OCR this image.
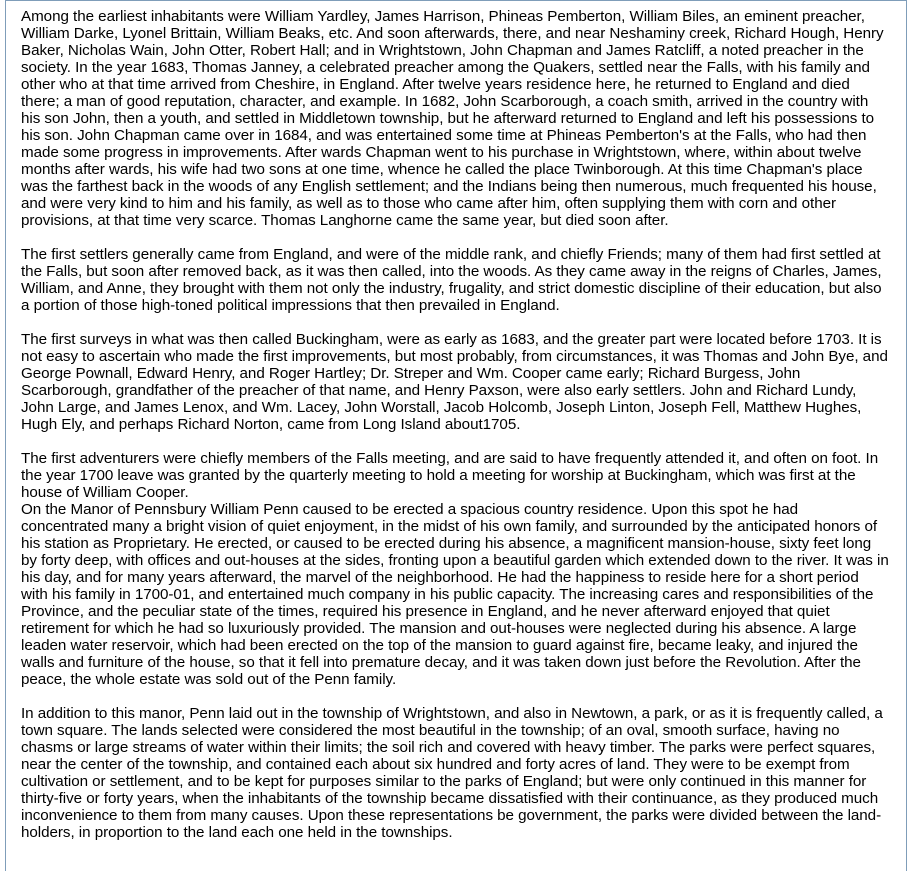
Among the earliest inhabitants were William Yardley, James Harrison, Phineas Pemberton, William Biles, an eminent preacher, William Darke, Lyonel Brittain, William Beaks, etc. And soon afterwards, there, and near Neshaminy creek, Richard Hough, Henry Baker, Nicholas Wain, John Otter, Robert Hall; and in Wrightstown, John Chapman and James Ratcliff, a noted preacher in the society. In the year 1683, Thomas Janney, a celebrated preacher among the Quakers, settled near the Falls, with his family and other who at that time arrived from Cheshire, in England. After twelve years residence here, he returned to England and died there; a man of good reputation, character, and example. In 1682, John Scarborough, a coach smith, arrived in the country with his son John, then a youth, and settled in Middletown township, but he afterward returned to England and left his possessions to his son. John Chapman came over in 1684, and was entertained some time at Phineas Pemberton's at the Falls, who had then made some progress in improvements. After wards Chapman went to his purchase in Wrightstown, where, within about twelve months after wards, his wife had two sons at one time, whence he called the place Twinborough. At this time Chapman's place was the farthest back in the woods of any English settlement; and the Indians being then numerous, much frequented his house, and were very kind to him and his family, as well as to those who came after him, often supplying them with corn and other provisions, at that time very scarce. Thomas Langhorne came the same year, but died soon after.

The first settlers generally came from England, and were of the middle rank, and chiefly Friends; many of them had first settled at the Falls, but soon after removed back, as it was then called, into the woods. As they came away in the reigns of Charles, James, William, and Anne, they brought with them not only the industry, frugality, and strict domestic discipline of their education, but also a portion of those high-toned political impressions that then prevailed in England.

The first surveys in what was then called Buckingham, were as early as 1683, and the greater part were located before 1703. It is not easy to ascertain who made the first improvements, but most probably, from circumstances, it was Thomas and John Bye, and George Pownall, Edward Henry, and Roger Hartley; Dr. Streper and Wm. Cooper came early; Richard Burgess, John Scarborough, grandfather of the preacher of that name, and Henry Paxson, were also early settlers. John and Richard Lundy, John Large, and James Lenox, and Wm. Lacey, John Worstall, Jacob Holcomb, Joseph Linton, Joseph Fell, Matthew Hughes, Hugh Ely, and perhaps Richard Norton, came from Long Island about1705.

The first adventurers were chiefly members of the Falls meeting, and are said to have frequently attended it, and often on foot. In the year 1700 leave was granted by the quarterly meeting to hold a meeting for worship at Buckingham, which was first at the house of William Cooper.

On the Manor of Pennsbury William Penn caused to be erected a spacious country residence. Upon this spot he had concentrated many a bright vision of quiet enjoyment, in the midst of his own family, and surrounded by the anticipated honors of his station as Proprietary. He erected, or caused to be erected during his absence, a magnificent mansion-house, sixty feet long by forty deep, with offices and out-houses at the sides, fronting upon a beautiful garden which extended down to the river. It was in his day, and for many years afterward, the marvel of the neighborhood. He had the happiness to reside here for a short period with his family in 1700-01, and entertained much company in his public capacity. The increasing cares and responsibilities of the Province, and the peculiar state of the times, required his presence in England, and he never afterward enjoyed that quiet retirement for which he had so luxuriously provided. The mansion and out-houses were neglected during his absence. A large leaden water reservoir, which had been erected on the top of the mansion to guard against fire, became leaky, and injured the walls and furniture of the house, so that it fell into premature decay, and it was taken down just before the Revolution. After the peace, the whole estate was sold out of the Penn family.

In addition to this manor, Penn laid out in the township of Wrightstown, and also in Newtown, a park, or as it is frequently called, a town square. The lands selected were considered the most beautiful in the township; of an oval, smooth surface, having no chasms or large streams of water within their limits; the soil rich and covered with heavy timber. The parks were perfect squares, near the center of the township, and contained each about six hundred and forty acres of land. They were to be exempt from cultivation or settlement, and to be kept for purposes similar to the parks of England; but were only continued in this manner for thirty-five or forty years, when the inhabitants of the township became dissatisfied with their continuance, as they produced much inconvenience to them from many causes. Upon these representations be government, the parks were divided between the land-holders, in proportion to the land each one held in the townships.
